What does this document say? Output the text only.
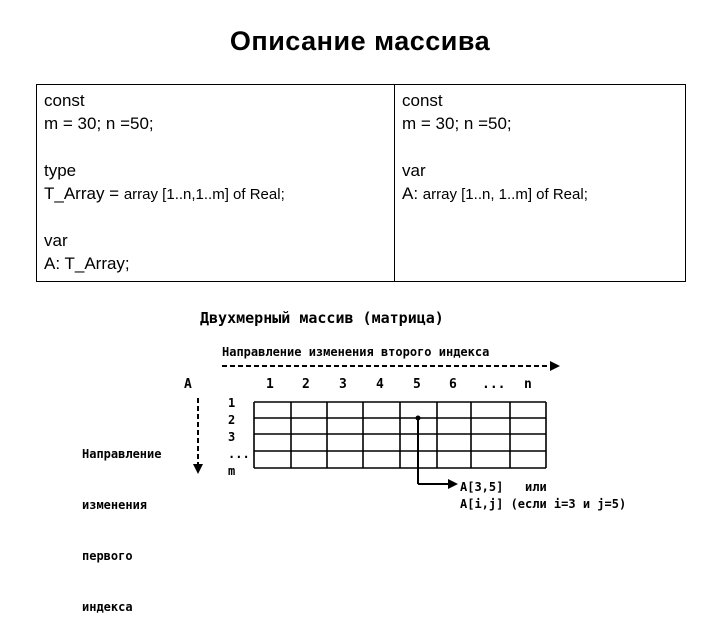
Описание массива
const
m = 30; n =50;
type
T_Array = array [1..n,1..m] of Real;
var
A: T_Array;
const
m = 30; n =50;
var
A: array [1..n, 1..m] of Real;
Двухмерный массив (матрица)
Направление изменения второго индекса
A	1 2 3 4 5 6 ... n
1
2
3
...
m

Направление

изменения

первого

индекса

A[3,5]   или
A[i,j] (если i=3 и j=5)
